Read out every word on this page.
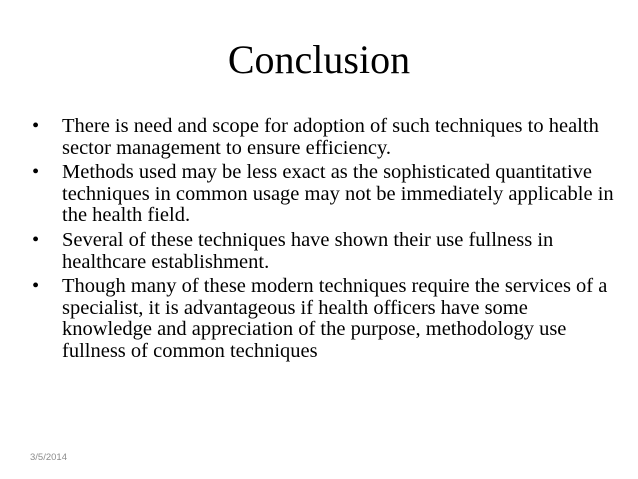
Conclusion
•	There is need and scope for adoption of such techniques to health sector management to ensure efficiency.
•	Methods used may be less exact as the sophisticated quantitative techniques in common usage may not be immediately applicable in the health field.
•	Several of these techniques have shown their use fullness in healthcare establishment.
•	Though many of these modern techniques require the services of a specialist, it is advantageous if health officers have some knowledge and appreciation of the purpose, methodology use fullness of common techniques
3/5/2014
